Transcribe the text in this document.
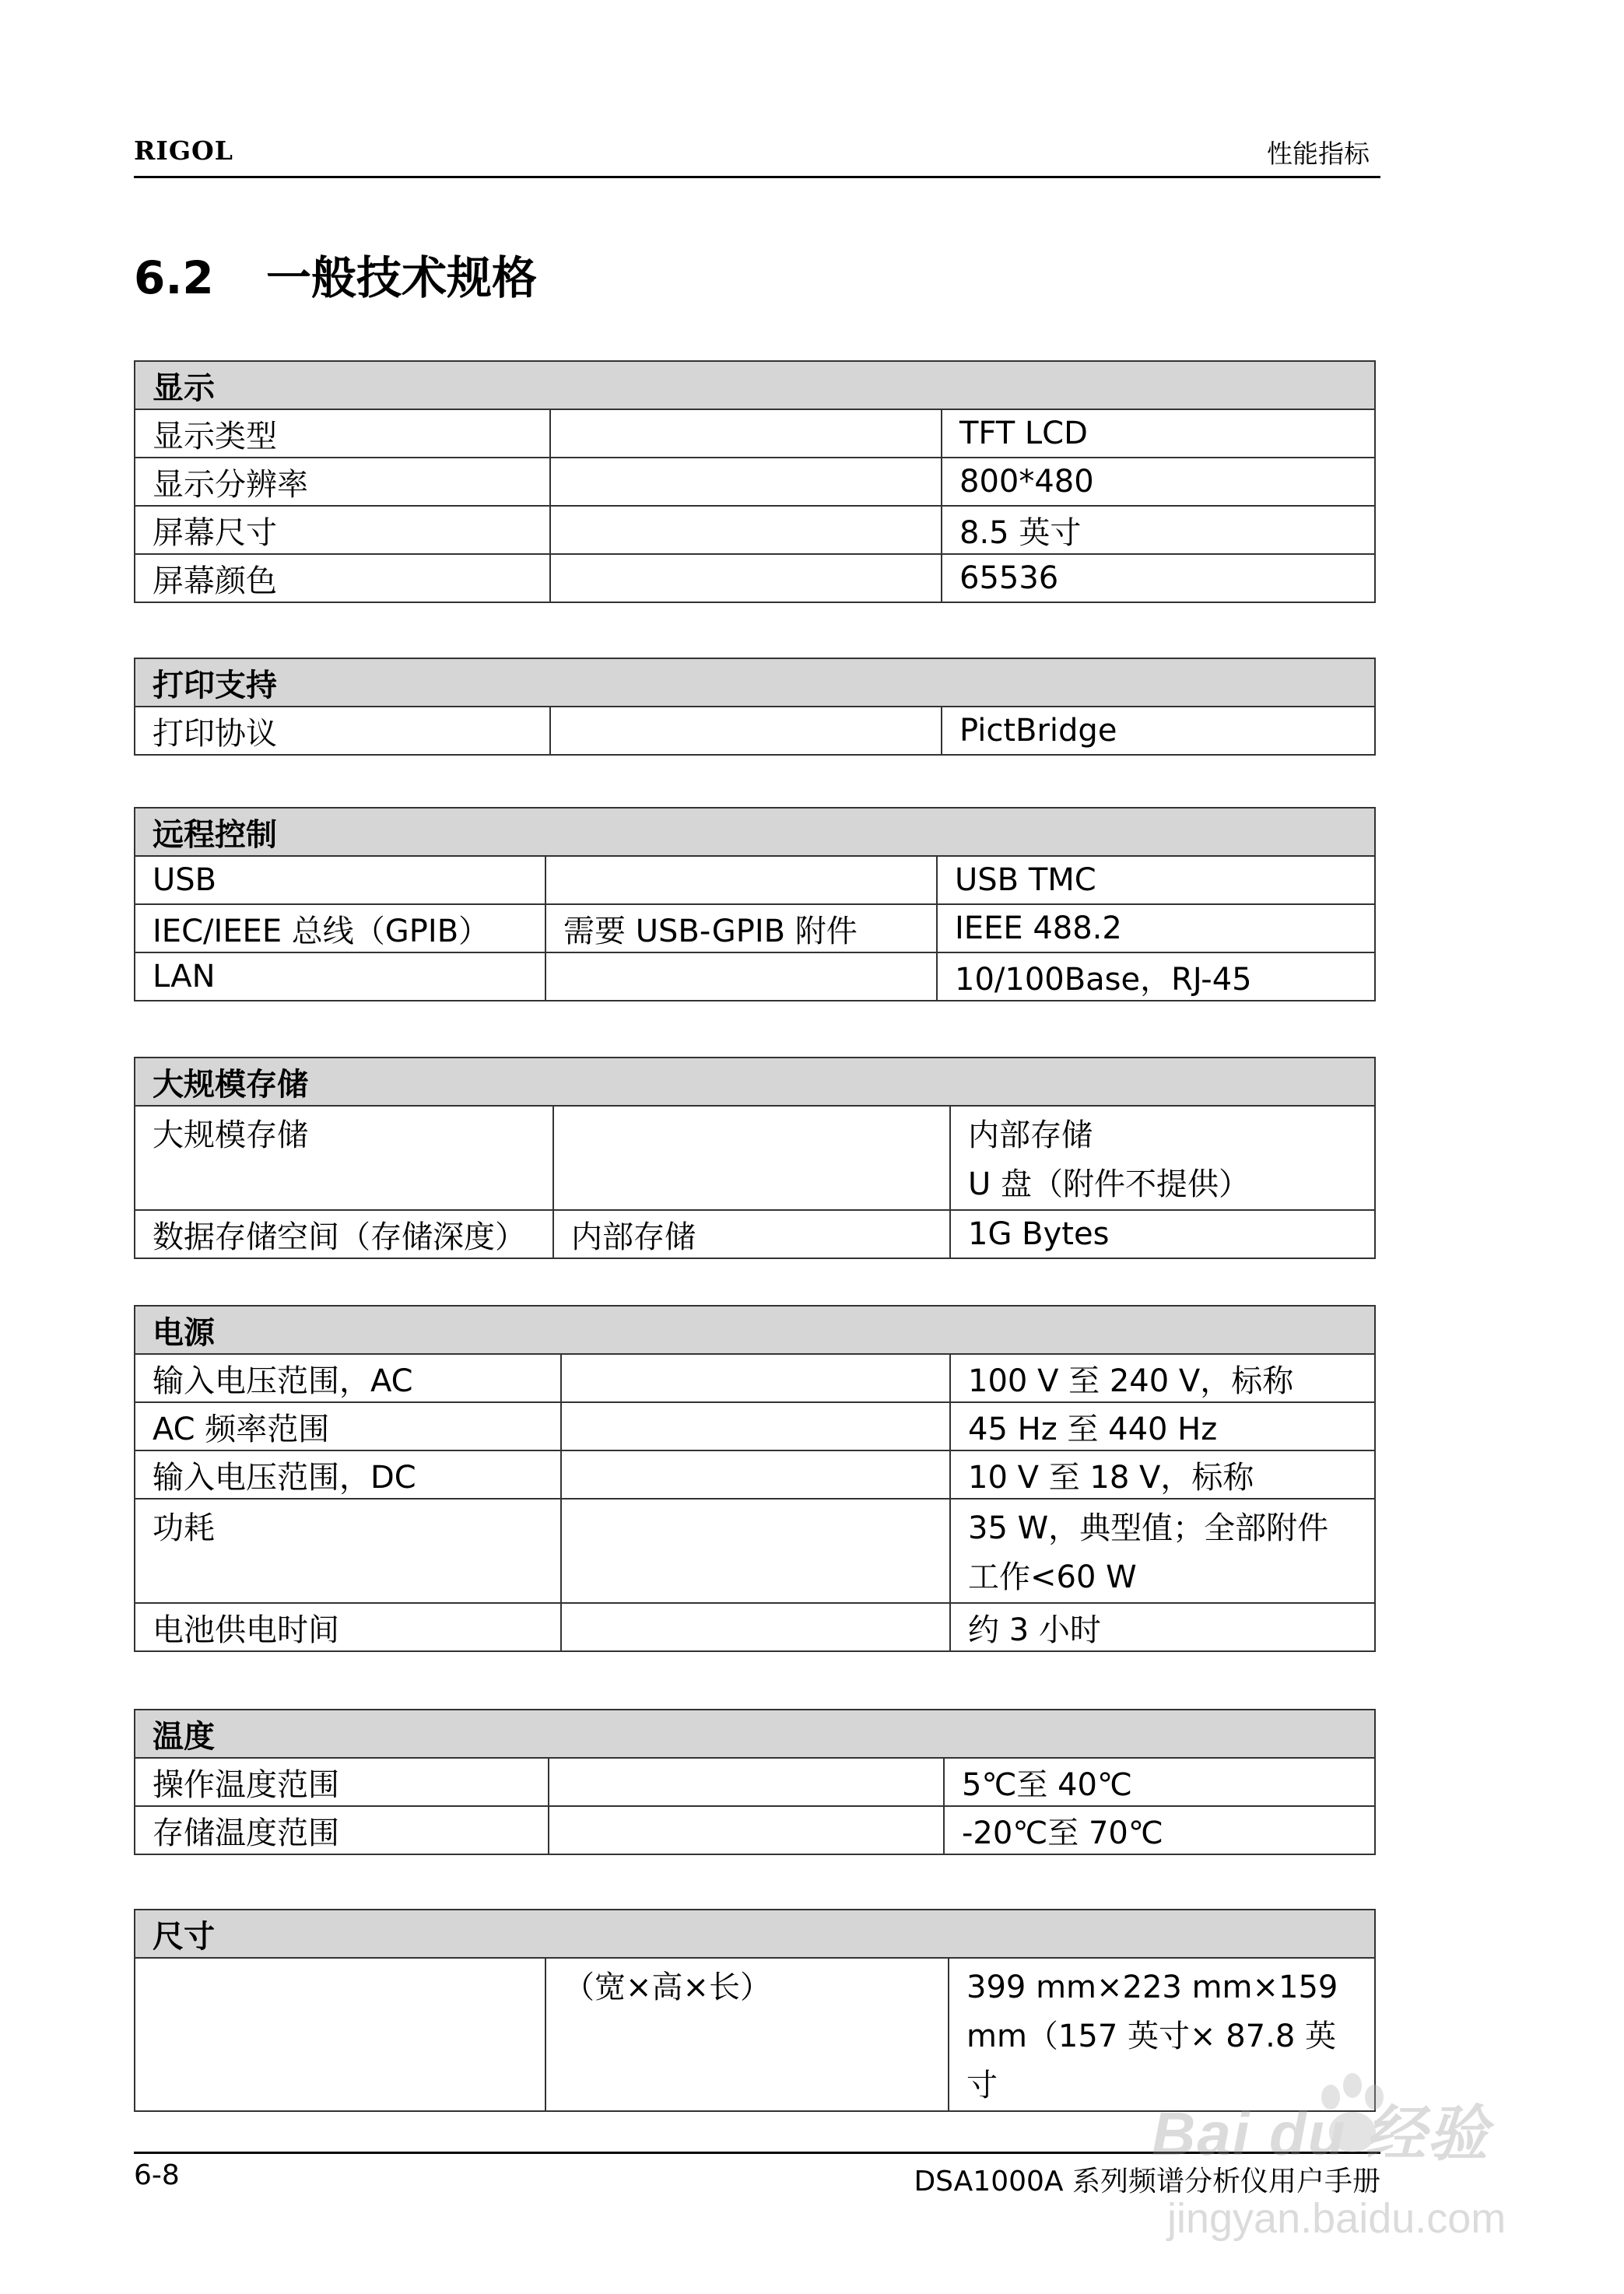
RIGOL	性能指标
6.2 一般技术规格
显示		
显示类型		TFT LCD
显示分辨率		800*480
屏幕尺寸		8.5 英寸
屏幕颜色		65536
打印支持
打印协议		PictBridge
远程控制		
USB		USB TMC
IEC/IEEE 总线（GPIB）	需要 USB-GPIB 附件	IEEE 488.2
LAN		10/100Base，RJ-45
大规模存储		
大规模存储		内部存储
U 盘（附件不提供）

数据存储空间（存储深度）	内部存储	1G Bytes
电源		
输入电压范围，AC		100 V 至 240 V，标称
AC 频率范围		45 Hz 至 440 Hz
输入电压范围，DC		10 V 至 18 V，标称
功耗		35 W，典型值；全部附件
工作<60 W

电池供电时间		约 3 小时
温度		
操作温度范围		5℃至 40℃
存储温度范围		-20℃至 70℃
尺寸
	（宽×高×长）	399 mm×223 mm×159
mm（157 英寸× 87.8 英寸
6-8	DSA1000A 系列频谱分析仪用户手册
Bai du 经验
jingyan.baidu.com
